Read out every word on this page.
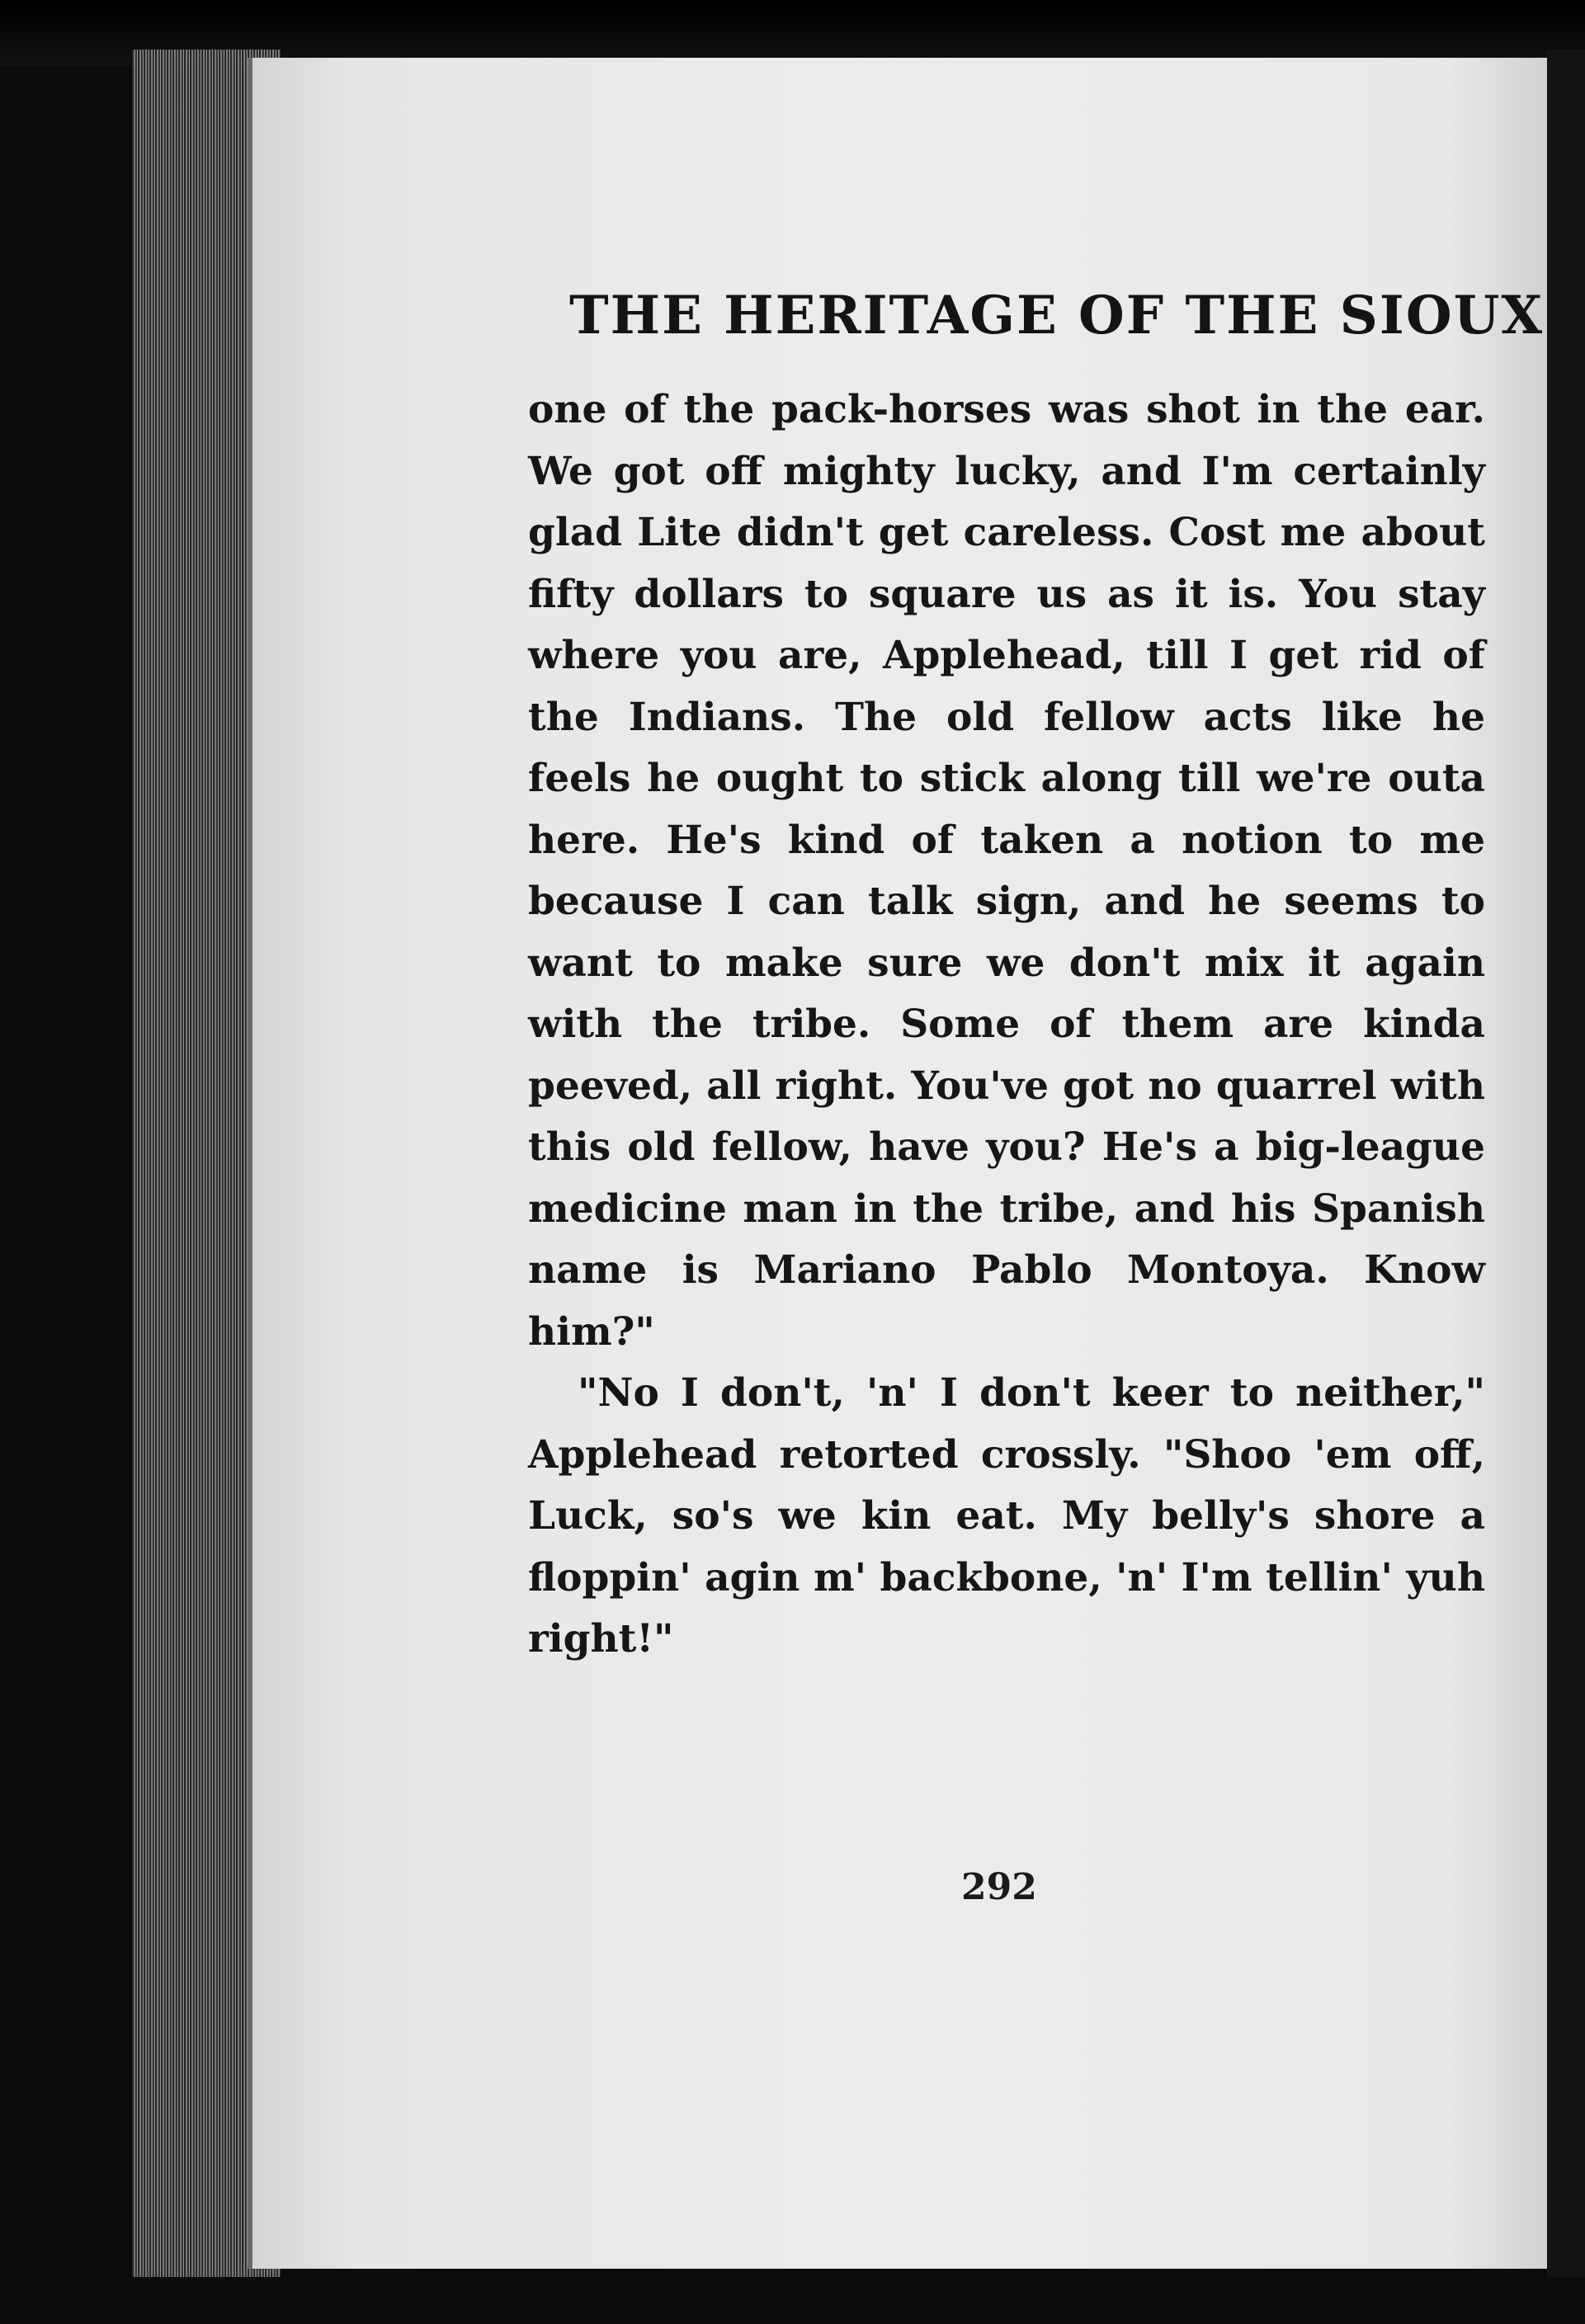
THE HERITAGE OF THE SIOUX

one of the pack-horses was shot in the ear. We got off mighty lucky, and I'm certainly glad Lite didn't get careless. Cost me about fifty dollars to square us as it is. You stay where you are, Applehead, till I get rid of the Indians. The old fellow acts like he feels he ought to stick along till we're outa here. He's kind of taken a notion to me because I can talk sign, and he seems to want to make sure we don't mix it again with the tribe. Some of them are kinda peeved, all right. You've got no quarrel with this old fellow, have you? He's a big-league medicine man in the tribe, and his Spanish name is Mariano Pablo Montoya. Know him?"

"No I don't, 'n' I don't keer to neither," Applehead retorted crossly. "Shoo 'em off, Luck, so's we kin eat. My belly's shore a floppin' agin m' backbone, 'n' I'm tellin' yuh right!"

292
